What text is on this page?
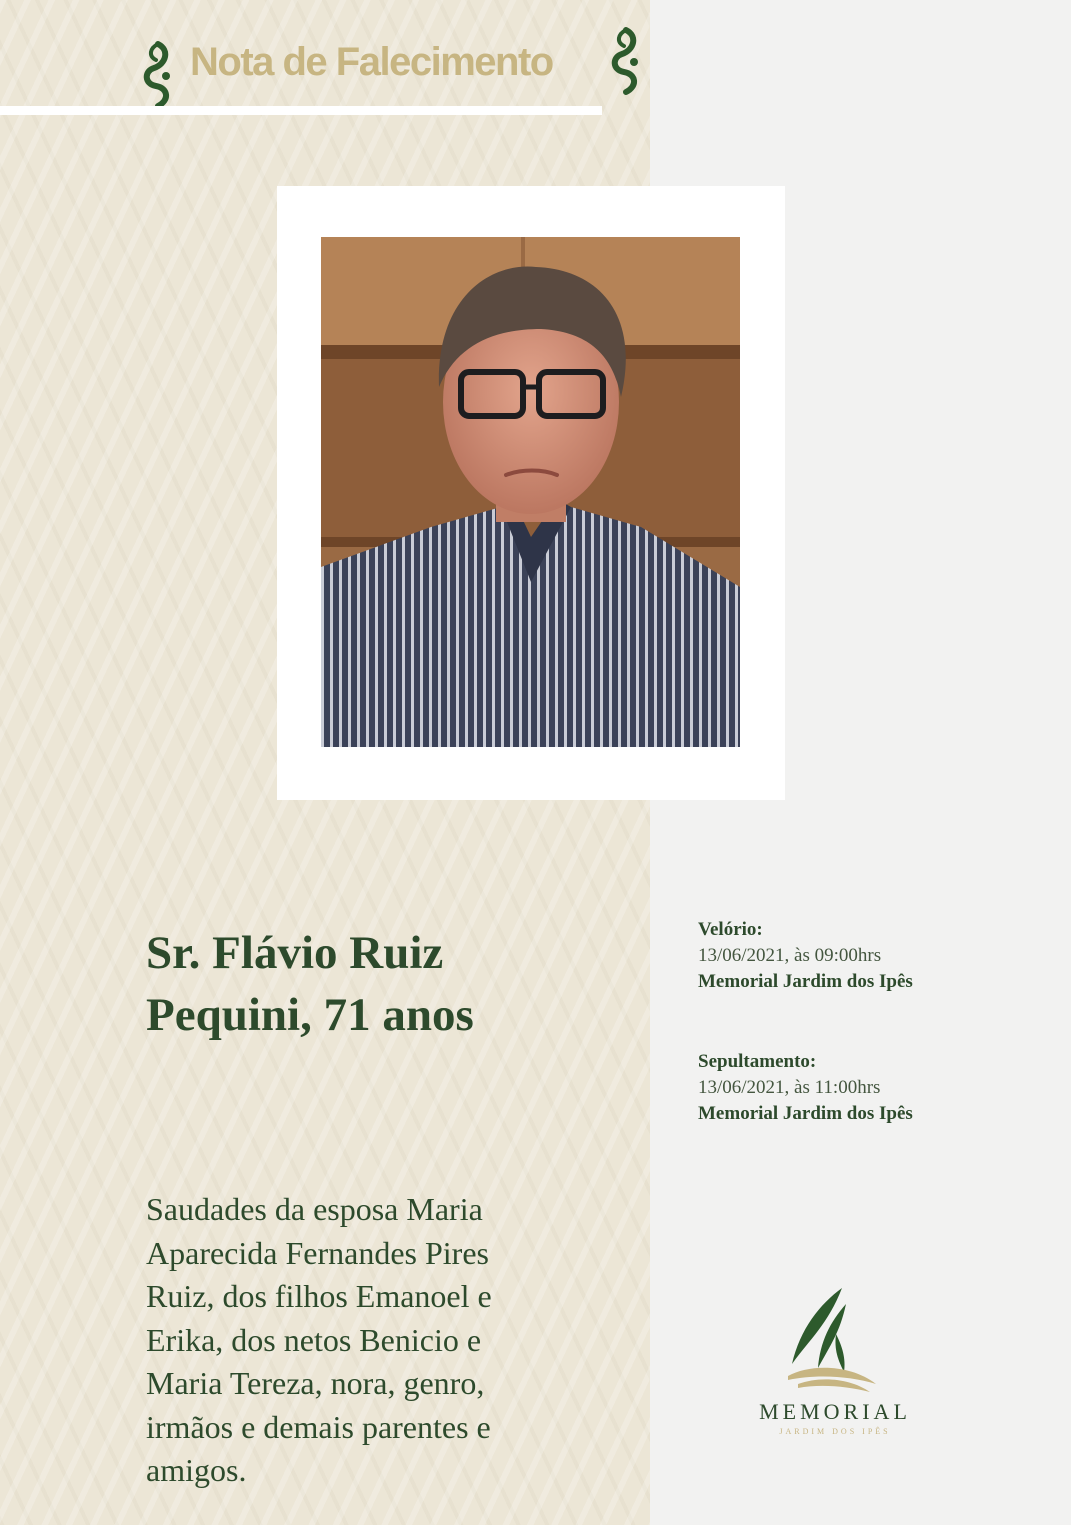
Nota de Falecimento
Sr. Flávio Ruiz
Pequini, 71 anos
Saudades da esposa Maria
Aparecida Fernandes Pires
Ruiz, dos filhos Emanoel e
Erika, dos netos Benicio e
Maria Tereza, nora, genro,
irmãos e demais parentes e
amigos.
Velório:
13/06/2021, às 09:00hrs
Memorial Jardim dos Ipês
Sepultamento:
13/06/2021, às 11:00hrs
Memorial Jardim dos Ipês
MEMORIAL
JARDIM DOS IPÊS
